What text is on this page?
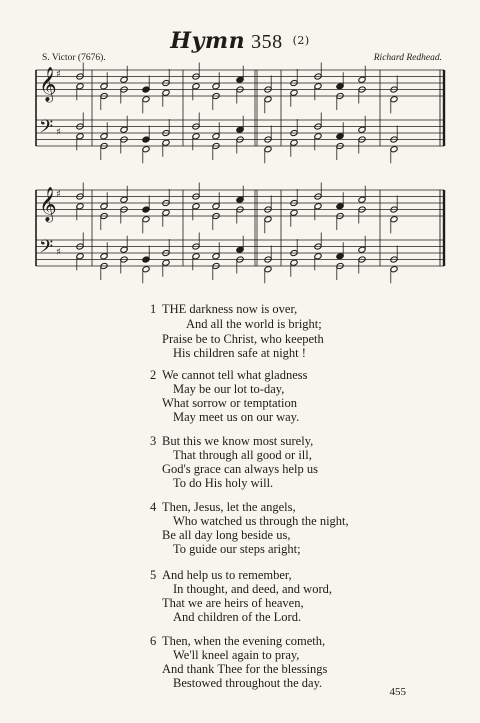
Hymn 358 $^{(2)}$
S. Victor (7676).	Richard Redhead.
𝄞 ♯
𝄢 ♯
𝄞 ♯
𝄢 ♯
1 THE darkness now is over,
And all the world is bright;
Praise be to Christ, who keepeth
His children safe at night !
2 We cannot tell what gladness
May be our lot to-day,
What sorrow or temptation
May meet us on our way.
3 But this we know most surely,
That through all good or ill,
God's grace can always help us
To do His holy will.
4 Then, Jesus, let the angels,
Who watched us through the night,
Be all day long beside us,
To guide our steps aright;
5 And help us to remember,
In thought, and deed, and word,
That we are heirs of heaven,
And children of the Lord.
6 Then, when the evening cometh,
We'll kneel again to pray,
And thank Thee for the blessings
Bestowed throughout the day.
455
